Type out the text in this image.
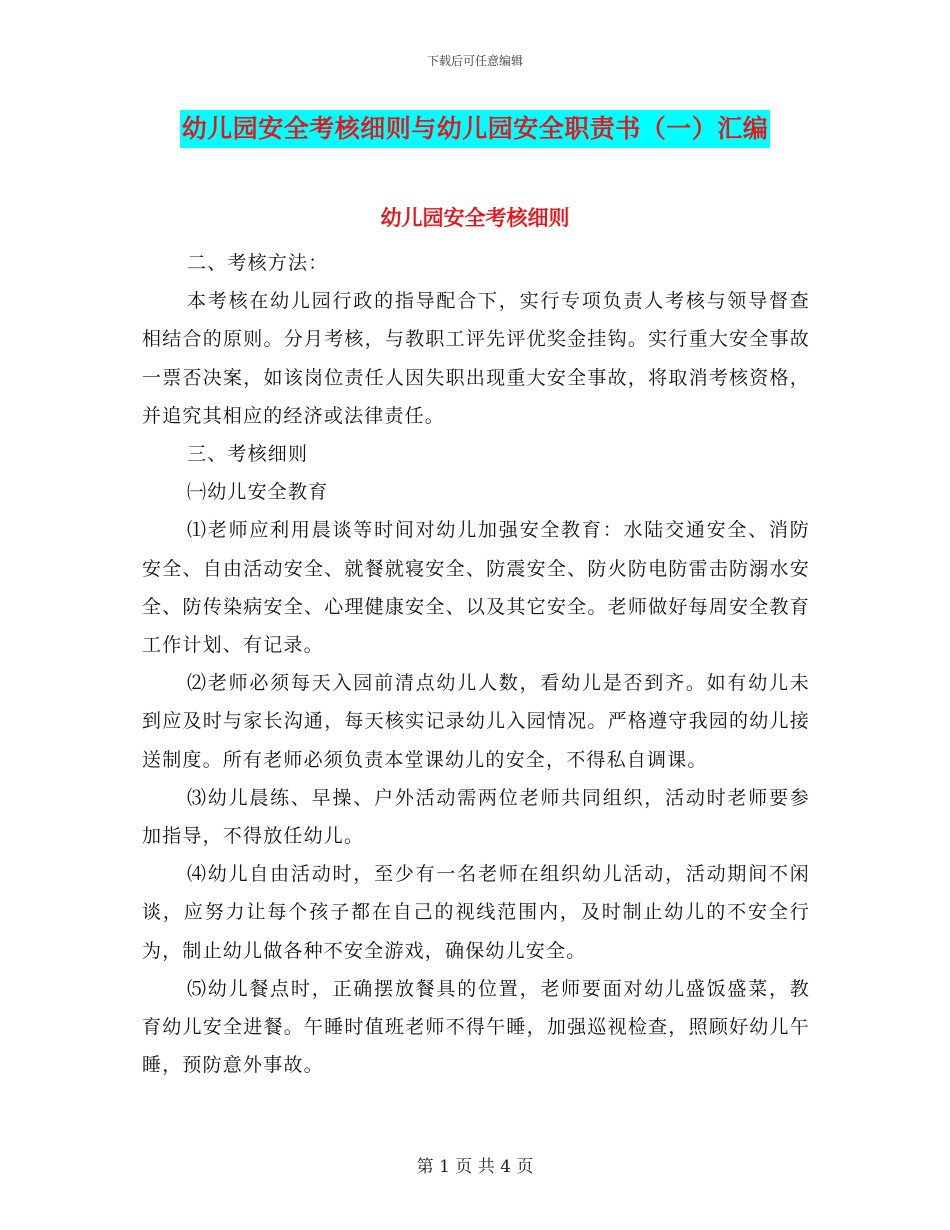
下载后可任意编辑
幼儿园安全考核细则与幼儿园安全职责书（一）汇编
幼儿园安全考核细则

二、考核方法：

本考核在幼儿园行政的指导配合下，实行专项负责人考核与领导督查相结合的原则。分月考核，与教职工评先评优奖金挂钩。实行重大安全事故一票否决案，如该岗位责任人因失职出现重大安全事故，将取消考核资格，并追究其相应的经济或法律责任。

三、考核细则

㈠幼儿安全教育

⑴老师应利用晨谈等时间对幼儿加强安全教育：水陆交通安全、消防安全、自由活动安全、就餐就寝安全、防震安全、防火防电防雷击防溺水安全、防传染病安全、心理健康安全、以及其它安全。老师做好每周安全教育工作计划、有记录。

⑵老师必须每天入园前清点幼儿人数，看幼儿是否到齐。如有幼儿未到应及时与家长沟通，每天核实记录幼儿入园情况。严格遵守我园的幼儿接送制度。所有老师必须负责本堂课幼儿的安全，不得私自调课。

⑶幼儿晨练、早操、户外活动需两位老师共同组织，活动时老师要参加指导，不得放任幼儿。

⑷幼儿自由活动时，至少有一名老师在组织幼儿活动，活动期间不闲谈，应努力让每个孩子都在自己的视线范围内，及时制止幼儿的不安全行为，制止幼儿做各种不安全游戏，确保幼儿安全。

⑸幼儿餐点时，正确摆放餐具的位置，老师要面对幼儿盛饭盛菜，教育幼儿安全进餐。午睡时值班老师不得午睡，加强巡视检查，照顾好幼儿午睡，预防意外事故。

第 1 页 共 4 页
